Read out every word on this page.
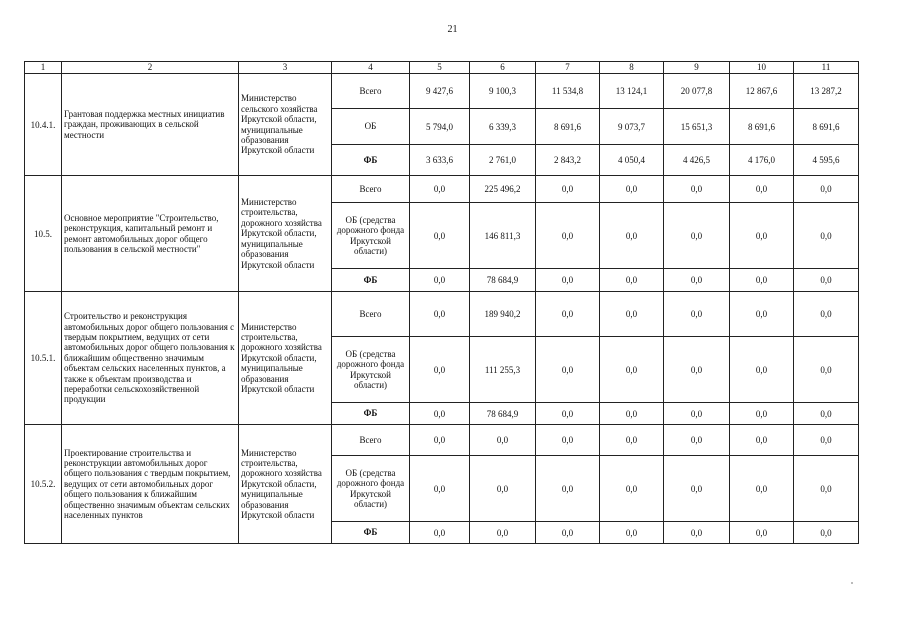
21
1	2	3	4	5	6	7	8	9	10	11
10.4.1.	Грантовая поддержка местных инициатив граждан, проживающих в сельской местности	Министерство сельского хозяйства Иркутской области, муниципальные образования Иркутской области	Всего	9 427,6	9 100,3	11 534,8	13 124,1	20 077,8	12 867,6	13 287,2
			ОБ	5 794,0	6 339,3	8 691,6	9 073,7	15 651,3	8 691,6	8 691,6
			ФБ	3 633,6	2 761,0	2 843,2	4 050,4	4 426,5	4 176,0	4 595,6
10.5.	Основное мероприятие "Строительство, реконструкция, капитальный ремонт и ремонт автомобильных дорог общего пользования в сельской местности"	Министерство строительства, дорожного хозяйства Иркутской области, муниципальные образования Иркутской области	Всего	0,0	225 496,2	0,0	0,0	0,0	0,0	0,0
			ОБ (средства дорожного фонда Иркутской области)	0,0	146 811,3	0,0	0,0	0,0	0,0	0,0
			ФБ	0,0	78 684,9	0,0	0,0	0,0	0,0	0,0
10.5.1.	Строительство и реконструкция автомобильных дорог общего пользования с твердым покрытием, ведущих от сети автомобильных дорог общего пользования к ближайшим общественно значимым объектам сельских населенных пунктов, а также к объектам производства и переработки сельскохозяйственной продукции	Министерство строительства, дорожного хозяйства Иркутской области, муниципальные образования Иркутской области	Всего	0,0	189 940,2	0,0	0,0	0,0	0,0	0,0
			ОБ (средства дорожного фонда Иркутской области)	0,0	111 255,3	0,0	0,0	0,0	0,0	0,0
			ФБ	0,0	78 684,9	0,0	0,0	0,0	0,0	0,0
10.5.2.	Проектирование строительства и реконструкции автомобильных дорог общего пользования с твердым покрытием, ведущих от сети автомобильных дорог общего пользования к ближайшим общественно значимым объектам сельских населенных пунктов	Министерство строительства, дорожного хозяйства Иркутской области, муниципальные образования Иркутской области	Всего	0,0	0,0	0,0	0,0	0,0	0,0	0,0
			ОБ (средства дорожного фонда Иркутской области)	0,0	0,0	0,0	0,0	0,0	0,0	0,0
			ФБ	0,0	0,0	0,0	0,0	0,0	0,0	0,0
